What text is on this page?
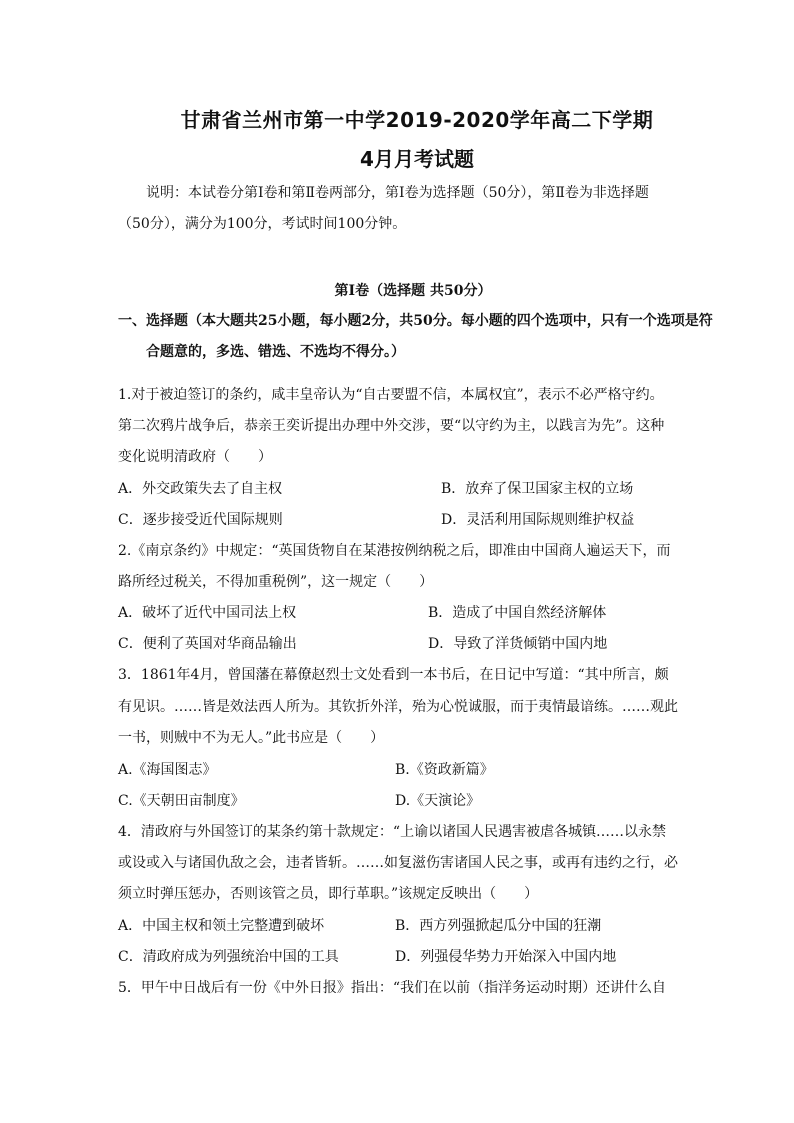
甘肃省兰州市第一中学2019-2020学年高二下学期
4月月考试题
说明：本试卷分第Ⅰ卷和第Ⅱ卷两部分，第Ⅰ卷为选择题（50分），第Ⅱ卷为非选择题
（50分），满分为100分，考试时间100分钟。
第Ⅰ卷（选择题 共50分）
一、选择题（本大题共25小题，每小题2分，共50分。每小题的四个选项中，只有一个选项是符
合题意的，多选、错选、不选均不得分。）
1.对于被迫签订的条约，咸丰皇帝认为“自古要盟不信，本属权宜”，表示不必严格守约。
第二次鸦片战争后，恭亲王奕䜣提出办理中外交涉，要“以守约为主，以践言为先”。这种
变化说明清政府（　　）
A．外交政策失去了自主权	B．放弃了保卫国家主权的立场
C．逐步接受近代国际规则	D．灵活利用国际规则维护权益
2.《南京条约》中规定：“英国货物自在某港按例纳税之后，即准由中国商人遍运天下，而
路所经过税关，不得加重税例”，这一规定（　　）
A．破坏了近代中国司法上权	B．造成了中国自然经济解体
C．便利了英国对华商品输出	D．导致了洋货倾销中国内地
3．1861年4月，曾国藩在幕僚赵烈士文处看到一本书后，在日记中写道：“其中所言，颇
有见识。……皆是效法西人所为。其钦折外洋，殆为心悦诚服，而于夷情最谙练。……观此
一书，则贼中不为无人。”此书应是（　　）
A.《海国图志》	B.《资政新篇》
C.《天朝田亩制度》	D.《天演论》
4．清政府与外国签订的某条约第十款规定：“上谕以诸国人民遇害被虐各城镇……以永禁
或设或入与诸国仇敌之会，违者皆斩。……如复滋伤害诸国人民之事，或再有违约之行，必
须立时弹压惩办，否则该管之员，即行革职。”该规定反映出（　　）
A．中国主权和领土完整遭到破坏	B．西方列强掀起瓜分中国的狂潮
C．清政府成为列强统治中国的工具	D．列强侵华势力开始深入中国内地
5．甲午中日战后有一份《中外日报》指出：“我们在以前（指洋务运动时期）还讲什么自
